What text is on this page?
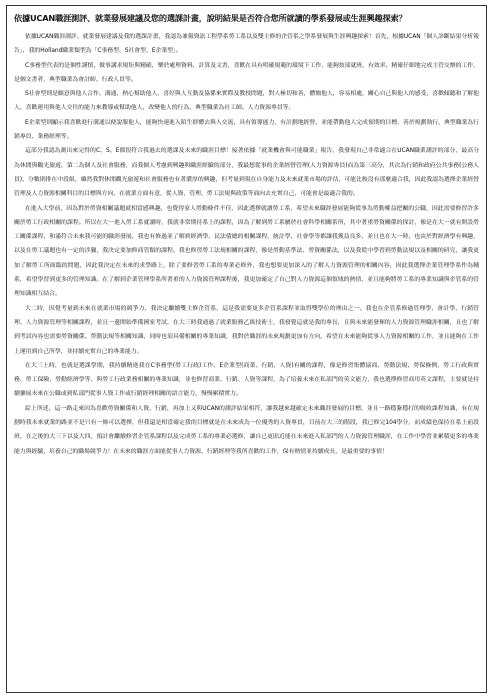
依據UCAN職涯測評、就業發展建議及您的選課計畫，說明結果是否符合您所就讀的學系發展或生涯興趣探索？

依據UCAN職涯測評、就業發展建議及我的選課計畫，我認為兼報資訊工程學系勞工系以及雙主修的企管系之學系發展與生涯興趣探索！首先，根據UCAN「個人診斷結果分析報告」，我的Holland職業類型為「C事務型、S社會型、E企業型」。

C事務型代表的是個性謹慎，做事講求規矩與精確，樂於處理資料，計算及文書，喜歡在具有明確規範的環境下工作，能夠按部就班，有效率、精確仔細地完成主管交辦的工作，是個文書者，典型職業為會計師、行政人員等。

S社會型則是願意與他人合作、溝通、熱心幫助他人，喜好與人互動及協係來實際及教授問題，對人極切和善，體恤他人，容易相處，關心自己與他人的感受，喜歡傾聽和了解他人，喜歡運用與他人交往的能力來教導或幫助他人，改變他人的行為，典型職業為社工師、人力資源專員等。

E企業型則顯示我喜歡進行溝通以便說服他人，能夠快速進入陌生群體去與人交流，具有領導能力，有計劃地經營、並能帶動他人完成預期的目標，善於規劃執行，典型職業為行銷專員、業務經理等。

這部分我認為測出來完得的C、S、E都很符合我過去的選課及未來的職涯目標！接著依據「就業機會與可能職業」報告，我發現自己非常適合在UCAN職業測評的部分，最高分為休閒與觀光旅遊，第二為個人及社會服務，而我個人考慮到興趣與職涯經驗的部分，我最想從事的企業經營管理(人力資源專員)而為第三高分，其次為行銷和政府公共事務(公務人員)，分數則排在中段組，雖然我對休閒觀光旅遊和社會服務也有著濃厚的興趣，但考量到現在自身能力及未來就業市場的評估，可能比較沒有那麼適合我，因此我認為選擇企業經營管理及人力資源相關科目的目標與方向，在就業方面有意，從人資、管理、勞工法規與政策等面向去充實自己，可能會是最適合我的。

在進入大學前，因為對於勞資相關議題就相當感興趣，也覺得家人勞動條件不佳，因此選擇就讀勞工系，希望未來職涯發展能夠從事為勞動權益把關的公職，因此需要修習許多關於勞工行政相關的課程。所以在大一進入勞工系就讀時，我就非常期待系上的課程，因為了解到勞工系屬於社會科學相關系所，其中著重勞資關係的探討，像是在大一就有開設勞工關係課程、和滿符合未來我可能的職涯發展，我也有修過並了解到經濟學、民法債總的相關課程，統計學、社會學等都讓我獲益良多，並且也在大一時，也由於對經濟學有興趣，以及在勞工議題也有一定的涉獵，我決定要加修商管類的課程。我也修習勞工法規相關的課程，像是勞動基準法、勞資關係法，以及我從中學習到勞動法規以及相關的研究，讓我更加了解勞工所面臨的問題，因此我決定在未來的求學路上，除了要修習勞工系的專業必修外，我也想要更加深入的了解人力資源管理的相關內容，因此我選擇企業管理學系作為輔系，希望學習到更多的管理知識。在了解到企業管理學系所著重的人力資源管理課程後，我更加確定了自己對人力資源這個領域的熱情，並且能夠將勞工系的專業知識與企管系的管理知識相互結合。

大二時，因覺考量到未來在就業市場的競爭力，我決定繼續雙主修企管系，這是我需要更多企管系課程並取得雙學位的理由之一。我也在企管系修過管理學、會計學、行銷管理、人力資源管理等相關課程，並且一邊開始準備國家考試，在大三時我通過了就業服務乙級技術士，我發覺這就是我的專長，且與未來能發揮的人力資源管理職涯相關，且也了解到考試內容也需要勞資關係、勞動法規等相關知識，同時也須具備相關的專業知識，我對於職涯的未來規劃更加有方向，希望在未來能夠從事人力資源相關的工作，並且能夠在工作上運用到自己所學，並持續充實自己的專業能力。

在大三上時，也就是選課學期，我持續精進我在C事務型(勞工行政)工作、E企業型(商業、行銷、人資)有關的課程，像是修習集體協商、勞動法規、勞保條例、勞工行政與實務、勞工保險，勞動經濟學等，與勞工行政業務相關的專業知識，並也修習商業、行銷、人資等課程，為了培養未來在私部門的英文能力，我也選擇修習商用英文課程，主要就是持續擴展未來在公職或到私部門從事人資工作或行銷經理相關的語言能力，慢慢累積實力。

綜上所述，這一路走來因為喜歡勞資關係和人資、行銷，再加上又與UCAN的測評結果相符，讓我越來越確定未來職涯發展的目標，並且一路穩紮穩打的吸收課程知識，有在規劃時我未來就業的路並不是只有一條可以選擇，但我還是相當確定我的目標就是在未來成為一位優秀的人資專員，目前在大三的階段，我已修完104學分，而成績也保持在系上前段班，在之後的大三下以及大四，預計會繼續修習企管系課程以及完成勞工系的專業必選修，讓自己更貼近能在未來進入私部門的人力資源管理職涯，在工作中學習並累積更多的專業能力與經驗，培養自己的職場競爭力！在未來的職涯方面能從事人力資源、行銷經理等我所喜歡的工作，保有熱情並持續成長，是最重要的事情！
